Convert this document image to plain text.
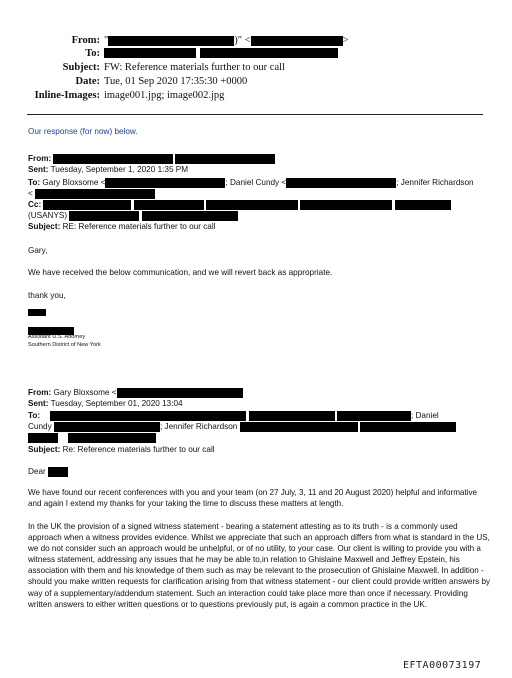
From: "	)" <	>
To:
Subject: FW: Reference materials further to our call
Date: Tue, 01 Sep 2020 17:35:30 +0000
Inline-Images: image001.jpg; image002.jpg
Our response (for now) below.
From:
Sent: Tuesday, September 1, 2020 1:35 PM
To: Gary Bloxsome <	; Daniel Cundy <	; Jennifer Richardson
<
Cc:
(USANYS)
Subject: RE: Reference materials further to our call
Gary,
We have received the below communication, and we will revert back as appropriate.
thank you,
Assistant U.S. Attorney
Southern District of New York
From: Gary Bloxsome <
Sent: Tuesday, September 01, 2020 13:04
To:	; Daniel
Cundy	; Jennifer Richardson

Subject: Re: Reference materials further to our call
Dear
We have found our recent conferences with you and your team (on 27 July, 3, 11 and 20 August 2020) helpful and informative and again I extend my thanks for your taking the time to discuss these matters at length.
In the UK the provision of a signed witness statement - bearing a statement attesting as to its truth - is a commonly used approach when a witness provides evidence. Whilst we appreciate that such an approach differs from what is standard in the US, we do not consider such an approach would be unhelpful, or of no utility, to your case. Our client is willing to provide you with a witness statement, addressing any issues that he may be able to,in relation to Ghislaine Maxwell and Jeffrey Epstein, his association with them and his knowledge of them such as may be relevant to the prosecution of Ghislaine Maxwell. In addition - should you make written requests for clarification arising from that witness statement - our client could provide written answers by way of a supplementary/addendum statement. Such an interaction could take place more than once if necessary. Providing written answers to either written questions or to questions previously put, is again a common practice in the UK.
EFTA00073197
